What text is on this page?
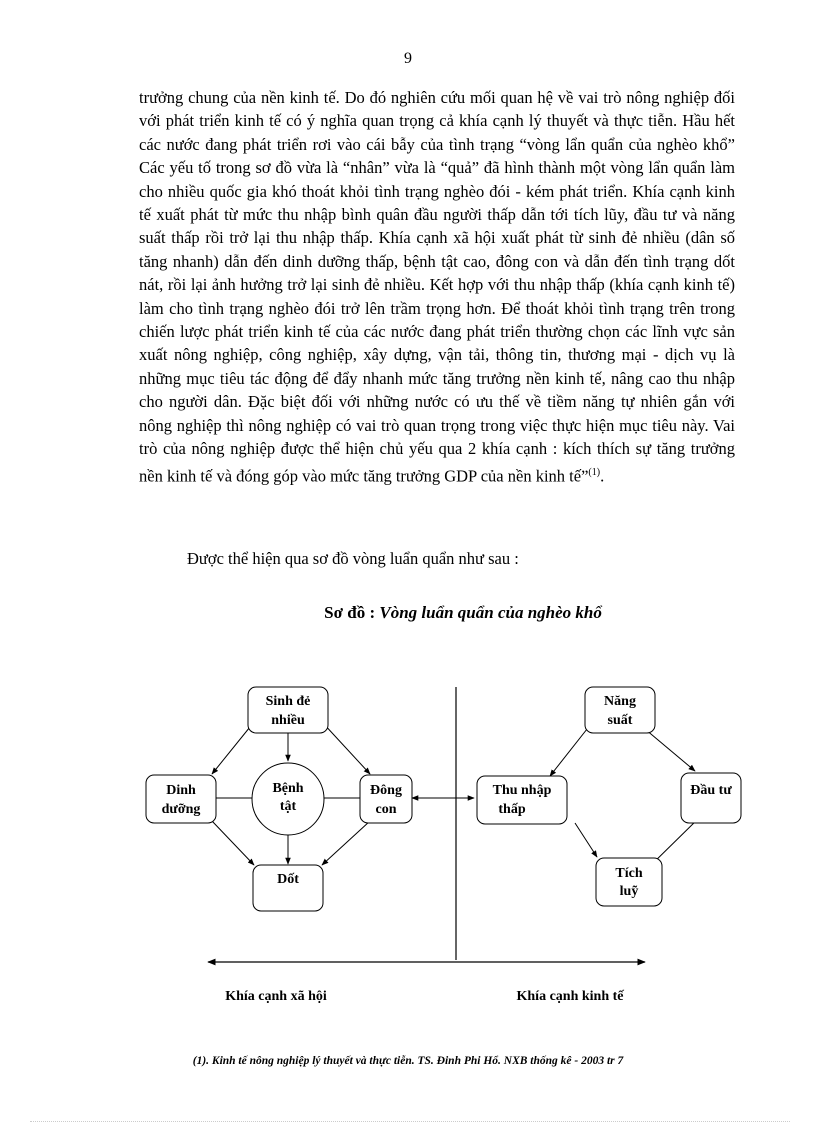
9

trưởng chung của nền kinh tế. Do đó nghiên cứu mối quan hệ về vai trò nông nghiệp đối với phát triển kinh tế có ý nghĩa quan trọng cả khía cạnh lý thuyết và thực tiễn. Hầu hết các nước đang phát triển rơi vào cái bẫy của tình trạng “vòng lẩn quẩn của nghèo khổ” Các yếu tố trong sơ đồ vừa là “nhân” vừa là “quả” đã hình thành một vòng lẩn quẩn làm cho nhiều quốc gia khó thoát khỏi tình trạng nghèo đói - kém phát triển. Khía cạnh kinh tế xuất phát từ mức thu nhập bình quân đầu người thấp dẫn tới tích lũy, đầu tư và năng suất thấp rồi trở lại thu nhập thấp. Khía cạnh xã hội xuất phát từ sinh đẻ nhiều (dân số tăng nhanh) dẫn đến dinh dưỡng thấp, bệnh tật cao, đông con và dẫn đến tình trạng dốt nát, rồi lại ảnh hưởng trở lại sinh đẻ nhiều. Kết hợp với thu nhập thấp (khía cạnh kinh tế) làm cho tình trạng nghèo đói trở lên trầm trọng hơn. Để thoát khỏi tình trạng trên trong chiến lược phát triển kinh tế của các nước đang phát triển thường chọn các lĩnh vực sản xuất nông nghiệp, công nghiệp, xây dựng, vận tải, thông tin, thương mại - dịch vụ là những mục tiêu tác động để đẩy nhanh mức tăng trưởng nền kinh tế, nâng cao thu nhập cho người dân. Đặc biệt đối với những nước có ưu thế về tiềm năng tự nhiên gắn với nông nghiệp thì nông nghiệp có vai trò quan trọng trong việc thực hiện mục tiêu này. Vai trò của nông nghiệp được thể hiện chủ yếu qua 2 khía cạnh : kích thích sự tăng trưởng nền kinh tế và đóng góp vào mức tăng trưởng GDP của nền kinh tế”$^{(1)}$.

Được thể hiện qua sơ đồ vòng luẩn quẩn như sau :

Sơ đồ : Vòng luẩn quẩn của nghèo khổ

Sinh đẻ
nhiều
Dinh
dưỡng
Bệnh
tật
Đông
con
Dốt
Năng
suất
Thu nhập
thấp
Đầu tư
Tích
luỹ
Khía cạnh xã hội	Khía cạnh kinh tế

(1). Kinh tế nông nghiệp lý thuyết và thực tiễn. TS. Đinh Phi Hổ. NXB thống kê - 2003 tr 7
